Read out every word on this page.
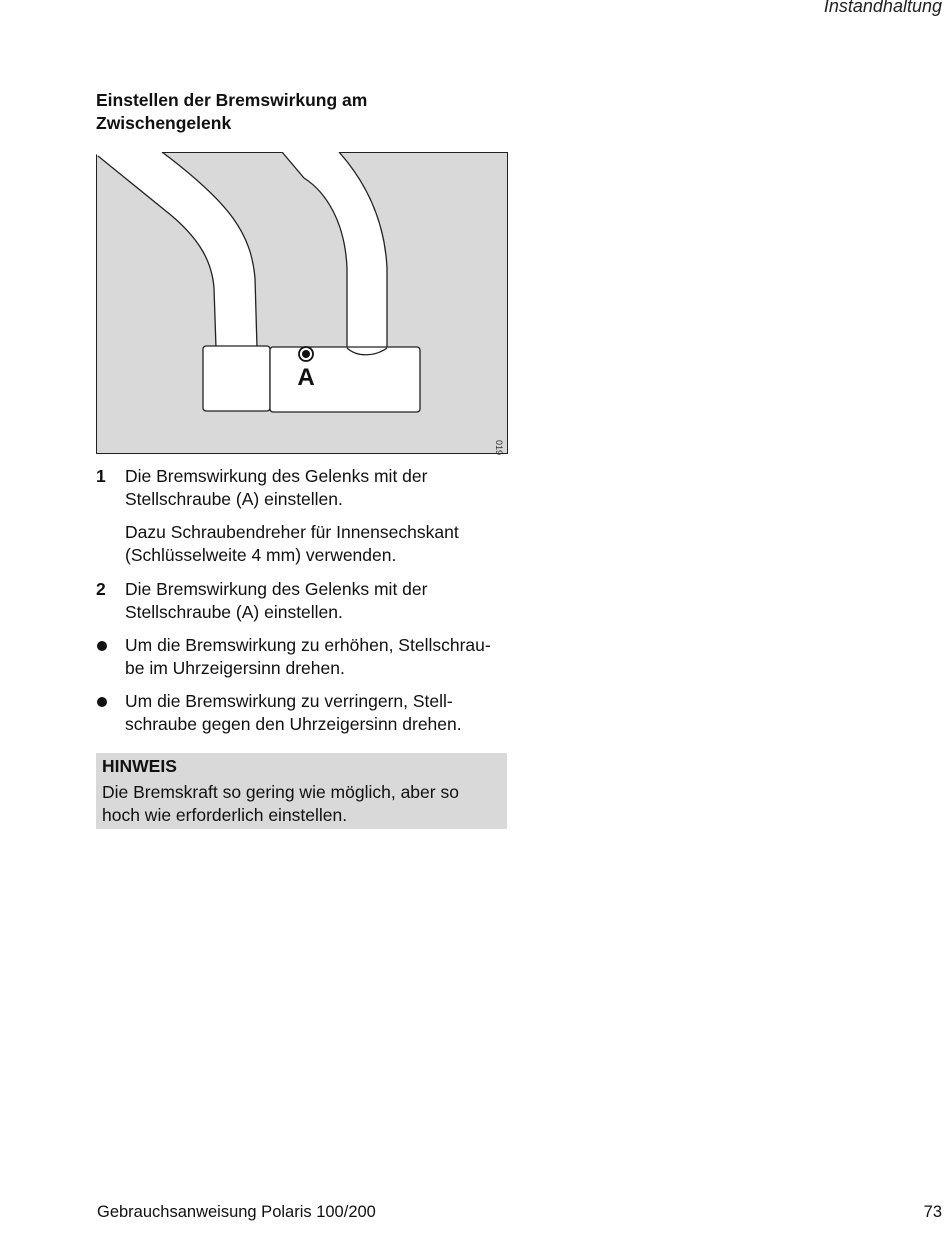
Instandhaltung
Einstellen der Bremswirkung am
Zwischengelenk
A
019
1	Die Bremswirkung des Gelenks mit der
Stellschraube (A) einstellen.
Dazu Schraubendreher für Innensechskant
(Schlüsselweite 4 mm) verwenden.
2	Die Bremswirkung des Gelenks mit der
Stellschraube (A) einstellen.
Um die Bremswirkung zu erhöhen, Stellschrau-
be im Uhrzeigersinn drehen.
Um die Bremswirkung zu verringern, Stell-
schraube gegen den Uhrzeigersinn drehen.
HINWEIS
Die Bremskraft so gering wie möglich, aber so
hoch wie erforderlich einstellen.
Gebrauchsanweisung Polaris 100/200	73
